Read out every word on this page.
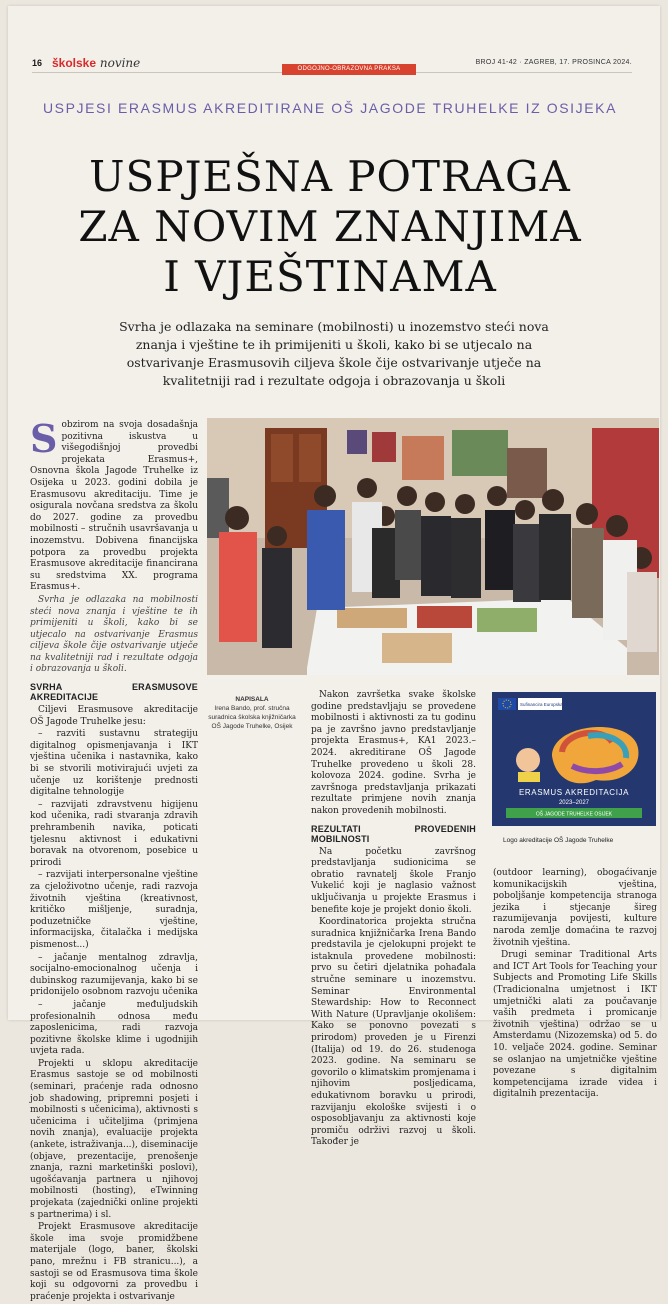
16 školske novine	BROJ 41-42 · ZAGREB, 17. PROSINCA 2024.
ODGOJNO-OBRAZOVNA PRAKSA
USPJESI ERASMUS AKREDITIRANE OŠ JAGODE TRUHELKE IZ OSIJEKA
USPJEŠNA POTRAGA
ZA NOVIM ZNANJIMA
I VJEŠTINAMA
Svrha je odlazaka na seminare (mobilnosti) u inozemstvo steći nova znanja i vještine te ih primijeniti u školi, kako bi se utjecalo na ostvarivanje Erasmusovih ciljeva škole čije ostvarivanje utječe na kvalitetniji rad i rezultate odgoja i obrazovanja u školi

Sobzirom na svoja dosadašnja pozitivna iskustva u višegodišnjoj provedbi projekata Erasmus+, Osnovna škola Jagode Truhelke iz Osijeka u 2023. godini dobila je Erasmusovu akreditaciju. Time je osigurala novčana sredstva za školu do 2027. godine za provedbu mobilnosti – stručnih usavršavanja u inozemstvu. Dobivena financijska potpora za provedbu projekta Erasmusove akreditacije financirana su sredstvima XX. programa Erasmus+.

Svrha je odlazaka na mobilnosti steći nova znanja i vještine te ih primijeniti u školi, kako bi se utjecalo na ostvarivanje Erasmus ciljeva škole čije ostvarivanje utječe na kvalitetniji rad i rezultate odgoja i obrazovanja u školi.

SVRHA ERASMUSOVE AKREDITACIJE

Ciljevi Erasmusove akreditacije OŠ Jagode Truhelke jesu:

– razviti sustavnu strategiju digitalnog opismenjavanja i IKT vještina učenika i nastavnika, kako bi se stvorili motivirajući uvjeti za učenje uz korištenje prednosti digitalne tehnologije

– razvijati zdravstvenu higijenu kod učenika, radi stvaranja zdravih prehrambenih navika, poticati tjelesnu aktivnost i edukativni boravak na otvorenom, posebice u prirodi

– razvijati interpersonalne vještine za cjeloživotno učenje, radi razvoja životnih vještina (kreativnost, kritičko mišljenje, suradnja, poduzetničke vještine, informacijska, čitalačka i medijska pismenost...)

– jačanje mentalnog zdravlja, socijalno-emocionalnog učenja i dubinskog razumijevanja, kako bi se pridonijelo osobnom razvoju učenika

– jačanje međuljudskih profesionalnih odnosa među zaposlenicima, radi razvoja pozitivne školske klime i ugodnijih uvjeta rada.

Projekti u sklopu akreditacije Erasmus sastoje se od mobilnosti (seminari, praćenje rada odnosno job shadowing, pripremni posjeti i mobilnosti s učenicima), aktivnosti s učenicima i učiteljima (primjena novih znanja), evaluacije projekta (ankete, istraživanja...), diseminacije (objave, prezentacije, prenošenje znanja, razni marketinški poslovi), ugošćavanja partnera u njihovoj mobilnosti (hosting), eTwinning projekata (zajednički online projekti s partnerima) i sl.

Projekt Erasmusove akreditacije škole ima svoje promidžbene materijale (logo, baner, školski pano, mrežnu i FB stranicu...), a sastoji se od Erasmusova tima škole koji su odgovorni za provedbu i praćenje projekta i ostvarivanje

NAPISALA
Irena Bando, prof. stručna suradnica školska knjižničarka OŠ Jagode Truhelke, Osijek

Nakon završetka svake školske godine predstavljaju se provedene mobilnosti i aktivnosti za tu godinu pa je završno javno predstavljanje projekta Erasmus+, KA1 2023.–2024. akreditirane OŠ Jagode Truhelke provedeno u školi 28. kolovoza 2024. godine. Svrha je završnoga predstavljanja prikazati rezultate primjene novih znanja nakon provedenih mobilnosti.

REZULTATI PROVEDENIH MOBILNOSTI

Na početku završnog predstavljanja sudionicima se obratio ravnatelj škole Franjo Vukelić koji je naglasio važnost uključivanja u projekte Erasmus i benefite koje je projekt donio školi.

Koordinatorica projekta stručna suradnica knjižničarka Irena Bando predstavila je cjelokupni projekt te istaknula provedene mobilnosti: prvo su četiri djelatnika pohađala stručne seminare u inozemstvu. Seminar Environmental Stewardship: How to Reconnect With Nature (Upravljanje okolišem: Kako se ponovno povezati s prirodom) proveden je u Firenzi (Italija) od 19. do 26. studenoga 2023. godine. Na seminaru se govorilo o klimatskim promjenama i njihovim posljedicama, edukativnom boravku u prirodi, razvijanju ekološke svijesti i o osposobljavanju za aktivnosti koje promiču održivi razvoj u školi. Također je

Sufinancira Europska unija
ERASMUS AKREDITACIJA
2023–2027
OŠ JAGODE TRUHELKE OSIJEK
Logo akreditacije OŠ Jagode Truhelke

(outdoor learning), obogaćivanje komunikacijskih vještina, poboljšanje kompetencija stranoga jezika i stjecanje šireg razumijevanja povijesti, kulture naroda zemlje domaćina te razvoj životnih vještina.

Drugi seminar Traditional Arts and ICT Art Tools for Teaching your Subjects and Promoting Life Skills (Tradicionalna umjetnost i IKT umjetnički alati za poučavanje vaših predmeta i promicanje životnih vještina) održao se u Amsterdamu (Nizozemska) od 5. do 10. veljače 2024. godine. Seminar se oslanjao na umjetničke vještine povezane s digitalnim kompetencijama izrade videa i digitalnih prezentacija.
